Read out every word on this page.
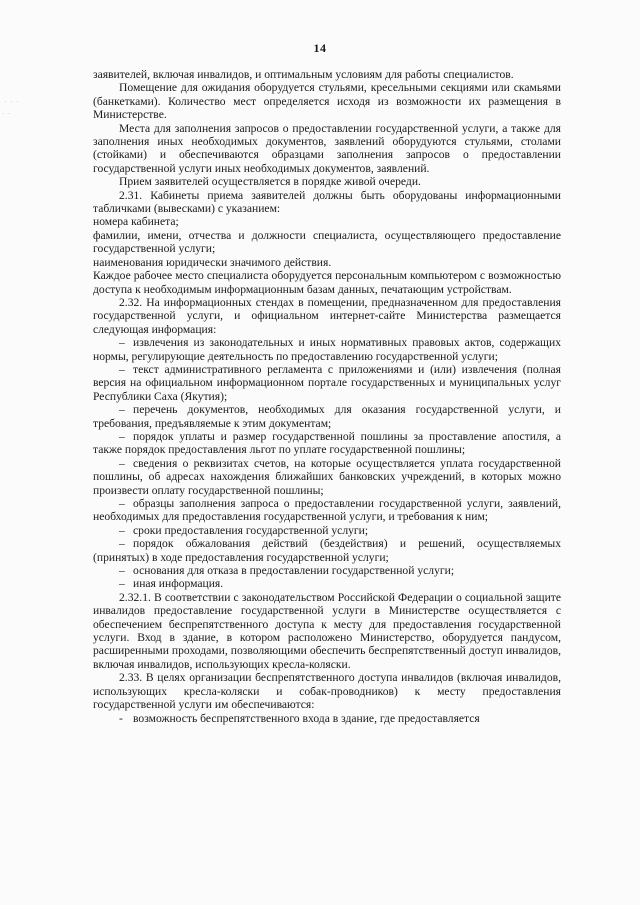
· · ·
· ·
14

заявителей, включая инвалидов, и оптимальным условиям для работы специалистов.

Помещение для ожидания оборудуется стульями, кресельными секциями или скамьями (банкетками). Количество мест определяется исходя из возможности их размещения в Министерстве.

Места для заполнения запросов о предоставлении государственной услуги, а также для заполнения иных необходимых документов, заявлений оборудуются стульями, столами (стойками) и обеспечиваются образцами заполнения запросов о предоставлении государственной услуги иных необходимых документов, заявлений.

Прием заявителей осуществляется в порядке живой очереди.

2.31. Кабинеты приема заявителей должны быть оборудованы информационными табличками (вывесками) с указанием:

номера кабинета;

фамилии, имени, отчества и должности специалиста, осуществляющего предоставление государственной услуги;

наименования юридически значимого действия.

Каждое рабочее место специалиста оборудуется персональным компьютером с возможностью доступа к необходимым информационным базам данных, печатающим устройствам.

2.32. На информационных стендах в помещении, предназначенном для предоставления государственной услуги, и официальном интернет-сайте Министерства размещается следующая информация:

– извлечения из законодательных и иных нормативных правовых актов, содержащих нормы, регулирующие деятельность по предоставлению государственной услуги;

– текст административного регламента с приложениями и (или) извлечения (полная версия на официальном информационном портале государственных и муниципальных услуг Республики Саха (Якутия);

– перечень документов, необходимых для оказания государственной услуги, и требования, предъявляемые к этим документам;

– порядок уплаты и размер государственной пошлины за проставление апостиля, а также порядок предоставления льгот по уплате государственной пошлины;

– сведения о реквизитах счетов, на которые осуществляется уплата государственной пошлины, об адресах нахождения ближайших банковских учреждений, в которых можно произвести оплату государственной пошлины;

– образцы заполнения запроса о предоставлении государственной услуги, заявлений, необходимых для предоставления государственной услуги, и требования к ним;

– сроки предоставления государственной услуги;

– порядок обжалования действий (бездействия) и решений, осуществляемых (принятых) в ходе предоставления государственной услуги;

– основания для отказа в предоставлении государственной услуги;

– иная информация.

2.32.1. В соответствии с законодательством Российской Федерации о социальной защите инвалидов предоставление государственной услуги в Министерстве осуществляется с обеспечением беспрепятственного доступа к месту для предоставления государственной услуги. Вход в здание, в котором расположено Министерство, оборудуется пандусом, расширенными проходами, позволяющими обеспечить беспрепятственный доступ инвалидов, включая инвалидов, использующих кресла-коляски.

2.33. В целях организации беспрепятственного доступа инвалидов (включая инвалидов, использующих кресла-коляски и собак-проводников) к месту предоставления государственной услуги им обеспечиваются:

- возможность беспрепятственного входа в здание, где предоставляется
